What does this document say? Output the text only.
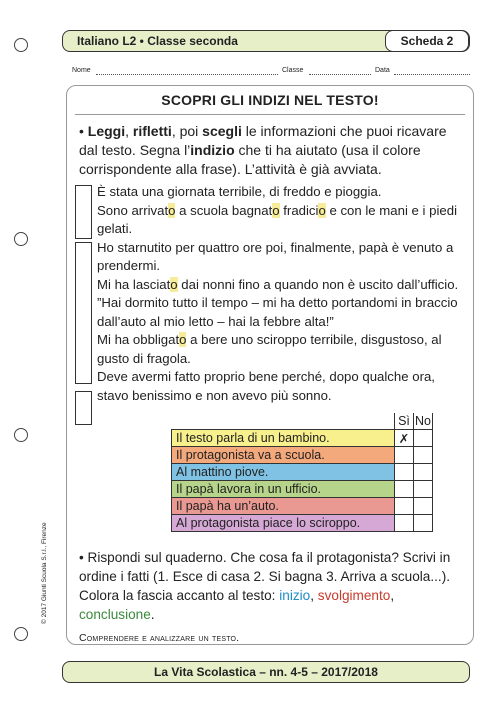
Italiano L2 • Classe seconda	Scheda 2
Nome	Classe	Data
SCOPRI GLI INDIZI NEL TESTO!
• Leggi, rifletti, poi scegli le informazioni che puoi ricavare dal testo. Segna l’indizio che ti ha aiutato (usa il colore corrispondente alla frase). L’attività è già avviata.

È stata una giornata terribile, di freddo e pioggia.

Sono arrivato a scuola bagnato fradicio e con le mani e i piedi gelati.

Ho starnutito per quattro ore poi, finalmente, papà è venuto a prendermi.

Mi ha lasciato dai nonni fino a quando non è uscito dall’ufficio.

”Hai dormito tutto il tempo – mi ha detto portandomi in braccio dall’auto al mio letto – hai la febbre alta!”

Mi ha obbligato a bere uno sciroppo terribile, disgustoso, al gusto di fragola.

Deve avermi fatto proprio bene perché, dopo qualche ora, stavo benissimo e non avevo più sonno.

	Sì	No
Il testo parla di un bambino.	✗	
Il protagonista va a scuola.		
Al mattino piove.		
Il papà lavora in un ufficio.		
Il papà ha un’auto.		
Al protagonista piace lo sciroppo.		

• Rispondi sul quaderno. Che cosa fa il protagonista? Scrivi in ordine i fatti (1. Esce di casa 2. Si bagna 3. Arriva a scuola...). Colora la fascia accanto al testo: inizio, svolgimento, conclusione.

Comprendere e analizzare un testo.
© 2017 Giunti Scuola S.r.l., Firenze
La Vita Scolastica – nn. 4-5 – 2017/2018
